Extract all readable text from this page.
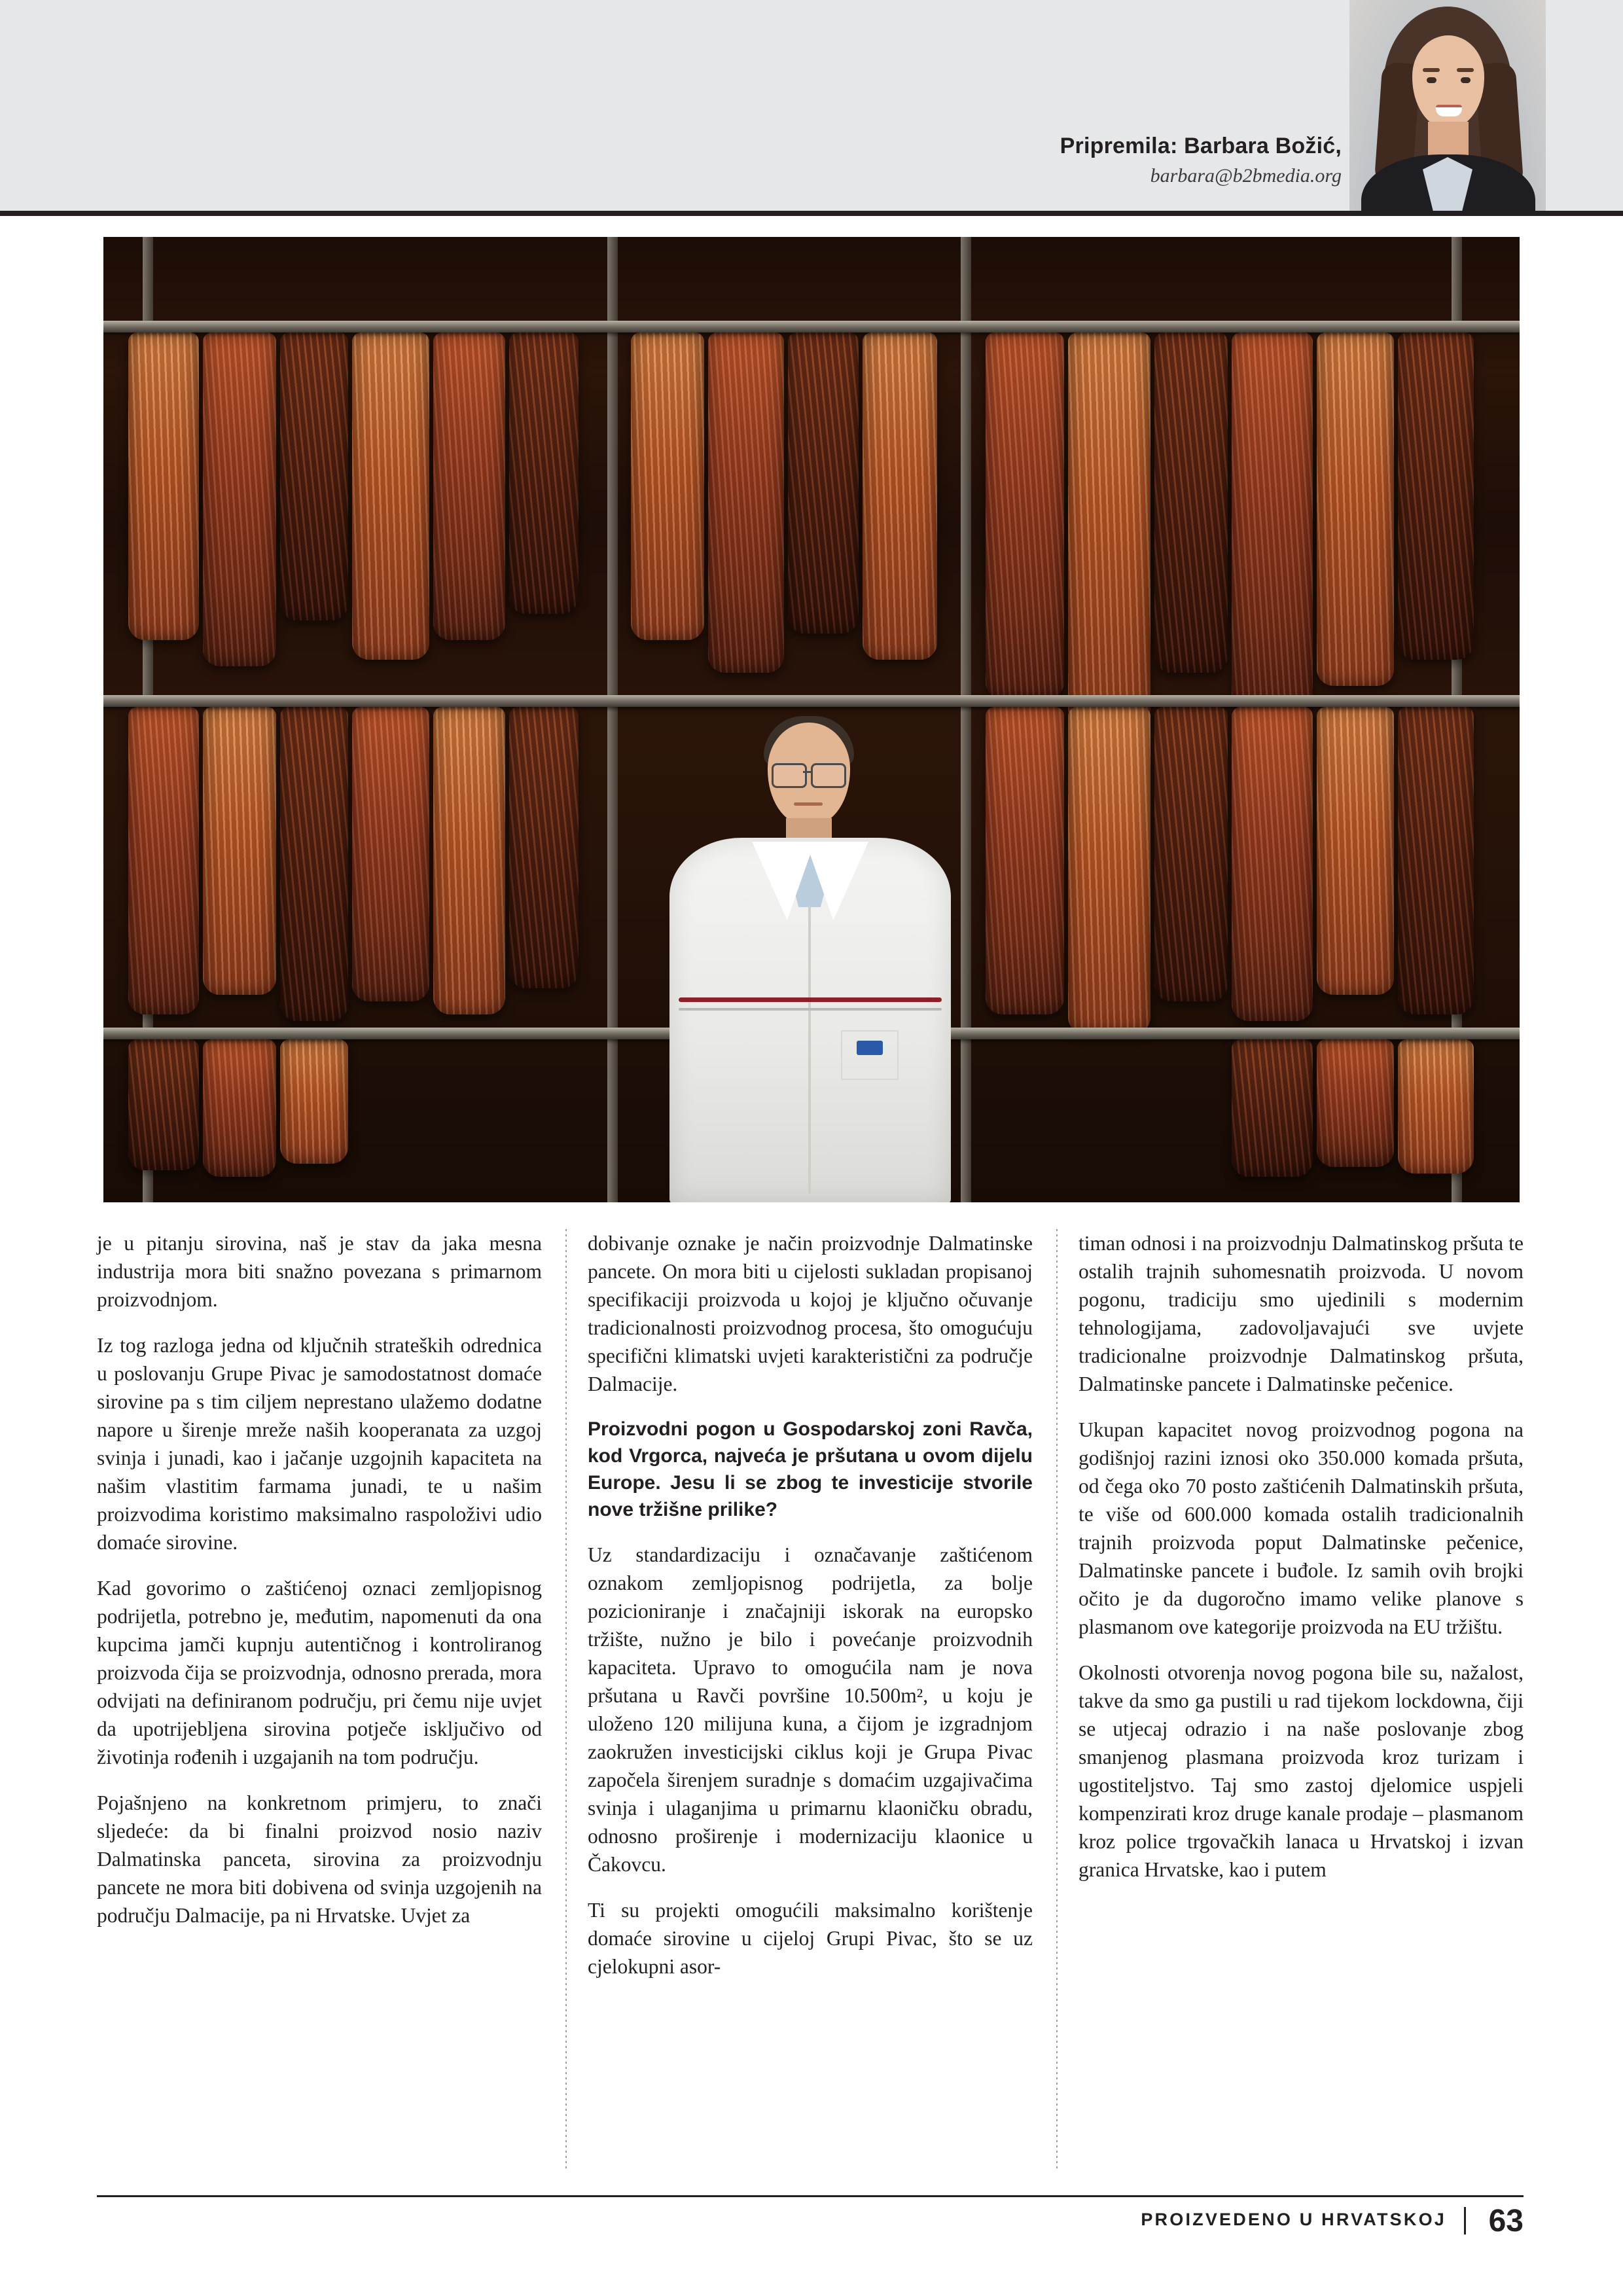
Pripremila: Barbara Božić,
barbara@b2bmedia.org

je u pitanju sirovina, naš je stav da jaka mesna industrija mora biti snažno povezana s primarnom proizvodnjom.

Iz tog razloga jedna od ključnih strateških odrednica u poslovanju Grupe Pivac je samodostatnost domaće sirovine pa s tim ciljem neprestano ulažemo dodatne napore u širenje mreže naših kooperanata za uzgoj svinja i junadi, kao i jačanje uzgojnih kapaciteta na našim vlastitim farmama junadi, te u našim proizvodima koristimo maksimalno raspoloživi udio domaće sirovine.

Kad govorimo o zaštićenoj oznaci zemljopisnog podrijetla, potrebno je, međutim, napomenuti da ona kupcima jamči kupnju autentičnog i kontroliranog proizvoda čija se proizvodnja, odnosno prerada, mora odvijati na definiranom području, pri čemu nije uvjet da upotrijebljena sirovina potječe isključivo od životinja rođenih i uzgajanih na tom području.

Pojašnjeno na konkretnom primjeru, to znači sljedeće: da bi finalni proizvod nosio naziv Dalmatinska panceta, sirovina za proizvodnju pancete ne mora biti dobivena od svinja uzgojenih na području Dalmacije, pa ni Hrvatske. Uvjet za

dobivanje oznake je način proizvodnje Dalmatinske pancete. On mora biti u cijelosti sukladan propisanoj specifikaciji proizvoda u kojoj je ključno očuvanje tradicionalnosti proizvodnog procesa, što omogućuju specifični klimatski uvjeti karakteristični za područje Dalmacije.

Proizvodni pogon u Gospodarskoj zoni Ravča, kod Vrgorca, najveća je pršutana u ovom dijelu Europe. Jesu li se zbog te investicije stvorile nove tržišne prilike?

Uz standardizaciju i označavanje zaštićenom oznakom zemljopisnog podrijetla, za bolje pozicioniranje i značajniji iskorak na europsko tržište, nužno je bilo i povećanje proizvodnih kapaciteta. Upravo to omogućila nam je nova pršutana u Ravči površine 10.500m², u koju je uloženo 120 milijuna kuna, a čijom je izgradnjom zaokružen investicijski ciklus koji je Grupa Pivac započela širenjem suradnje s domaćim uzgajivačima svinja i ulaganjima u primarnu klaoničku obradu, odnosno proširenje i modernizaciju klaonice u Čakovcu.

Ti su projekti omogućili maksimalno korištenje domaće sirovine u cijeloj Grupi Pivac, što se uz cjelokupni asor-

timan odnosi i na proizvodnju Dalmatinskog pršuta te ostalih trajnih suhomesnatih proizvoda. U novom pogonu, tradiciju smo ujedinili s modernim tehnologijama, zadovoljavajući sve uvjete tradicionalne proizvodnje Dalmatinskog pršuta, Dalmatinske pancete i Dalmatinske pečenice.

Ukupan kapacitet novog proizvodnog pogona na godišnjoj razini iznosi oko 350.000 komada pršuta, od čega oko 70 posto zaštićenih Dalmatinskih pršuta, te više od 600.000 komada ostalih tradicionalnih trajnih proizvoda poput Dalmatinske pečenice, Dalmatinske pancete i buđole. Iz samih ovih brojki očito je da dugoročno imamo velike planove s plasmanom ove kategorije proizvoda na EU tržištu.

Okolnosti otvorenja novog pogona bile su, nažalost, takve da smo ga pustili u rad tijekom lockdowna, čiji se utjecaj odrazio i na naše poslovanje zbog smanjenog plasmana proizvoda kroz turizam i ugostiteljstvo. Taj smo zastoj djelomice uspjeli kompenzirati kroz druge kanale prodaje – plasmanom kroz police trgovačkih lanaca u Hrvatskoj i izvan granica Hrvatske, kao i putem

PROIZVEDENO U HRVATSKOJ 63
